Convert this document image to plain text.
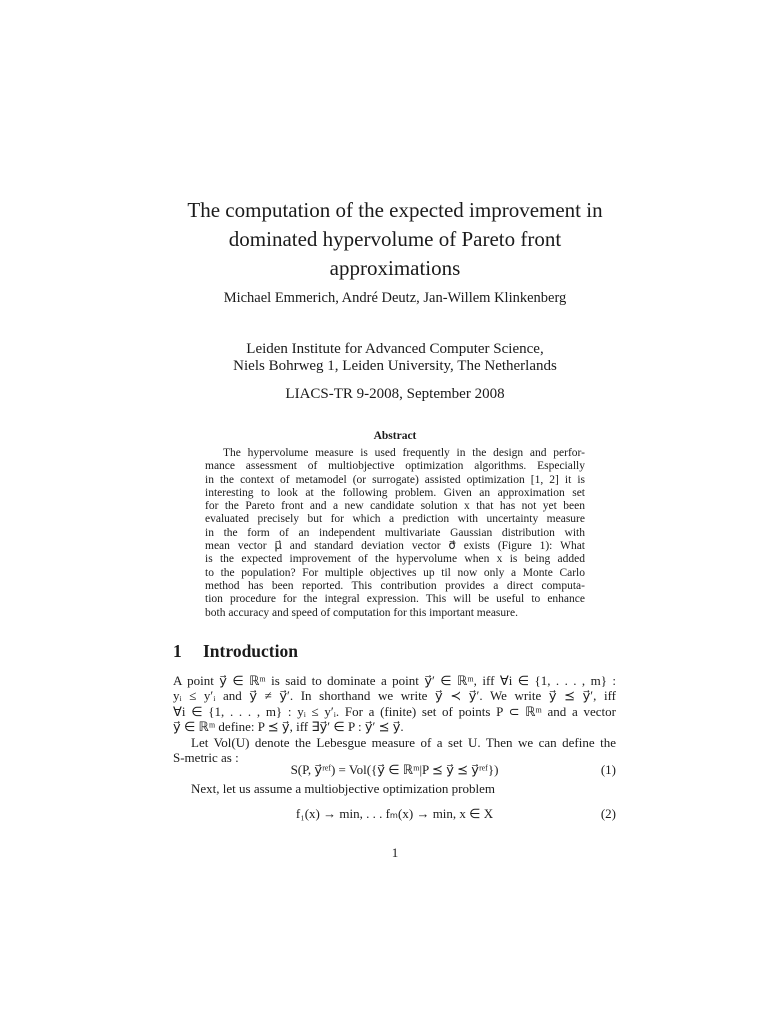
The computation of the expected improvement in
dominated hypervolume of Pareto front
approximations
Michael Emmerich, André Deutz, Jan-Willem Klinkenberg
Leiden Institute for Advanced Computer Science,
Niels Bohrweg 1, Leiden University, The Netherlands
LIACS-TR 9-2008, September 2008
Abstract
The hypervolume measure is used frequently in the design and perfor-
mance assessment of multiobjective optimization algorithms. Especially
in the context of metamodel (or surrogate) assisted optimization [1, 2] it is
interesting to look at the following problem. Given an approximation set
for the Pareto front and a new candidate solution x that has not yet been
evaluated precisely but for which a prediction with uncertainty measure
in the form of an independent multivariate Gaussian distribution with
mean vector μ⃗ and standard deviation vector σ⃗ exists (Figure 1): What
is the expected improvement of the hypervolume when x is being added
to the population? For multiple objectives up til now only a Monte Carlo
method has been reported. This contribution provides a direct computa-
tion procedure for the integral expression. This will be useful to enhance
both accuracy and speed of computation for this important measure.
1 Introduction
A point y⃗ ∈ ℝᵐ is said to dominate a point y⃗′ ∈ ℝᵐ, iff ∀i ∈ {1, . . . , m} :
yᵢ ≤ y′ᵢ and y⃗ ≠ y⃗′. In shorthand we write y⃗ ≺ y⃗′. We write y⃗ ⪯ y⃗′, iff
∀i ∈ {1, . . . , m} : yᵢ ≤ y′ᵢ. For a (finite) set of points P ⊂ ℝᵐ and a vector
y⃗ ∈ ℝᵐ define: P ⪯ y⃗, iff ∃y⃗′ ∈ P : y⃗′ ⪯ y⃗.
Let Vol(U) denote the Lebesgue measure of a set U. Then we can define the
S-metric as :
S(P, y⃗ʳᵉᶠ) = Vol({y⃗ ∈ ℝᵐ|P ⪯ y⃗ ⪯ y⃗ʳᵉᶠ})	(1)
Next, let us assume a multiobjective optimization problem
f₁(x) → min, . . . fₘ(x) → min, x ∈ X	(2)
1
